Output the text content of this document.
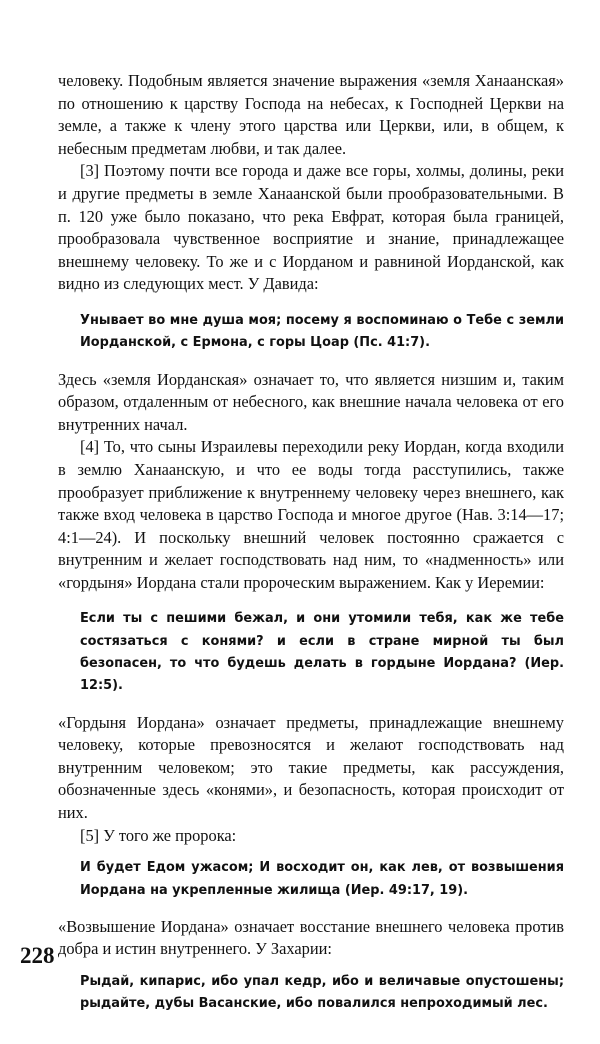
человеку. Подобным является значение выражения «земля Ханаанская» по отношению к царству Господа на небесах, к Господней Церкви на земле, а также к члену этого царства или Церкви, или, в общем, к небесным предметам любви, и так далее.

[3] Поэтому почти все города и даже все горы, холмы, долины, реки и другие предметы в земле Ханаанской были прообразовательными. В п. 120 уже было показано, что река Евфрат, которая была границей, прообразовала чувственное восприятие и знание, принадлежащее внешнему человеку. То же и с Иорданом и равниной Иорданской, как видно из следующих мест. У Давида:

Унывает во мне душа моя; посему я воспоминаю о Тебе с земли Иорданской, с Ермона, с горы Цоар (Пс. 41:7).

Здесь «земля Иорданская» означает то, что является низшим и, таким образом, отдаленным от небесного, как внешние начала человека от его внутренних начал.

[4] То, что сыны Израилевы переходили реку Иордан, когда входили в землю Ханаанскую, и что ее воды тогда расступились, также прообразует приближение к внутреннему человеку через внешнего, как также вход человека в царство Господа и многое другое (Нав. 3:14—17; 4:1—24). И поскольку внешний человек постоянно сражается с внутренним и желает господствовать над ним, то «надменность» или «гордыня» Иордана стали пророческим выражением. Как у Иеремии:

Если ты с пешими бежал, и они утомили тебя, как же тебе состязаться с конями? и если в стране мирной ты был безопасен, то что будешь делать в гордыне Иордана? (Иер. 12:5).

«Гордыня Иордана» означает предметы, принадлежащие внешнему человеку, которые превозносятся и желают господствовать над внутренним человеком; это такие предметы, как рассуждения, обозначенные здесь «конями», и безопасность, которая происходит от них.

[5] У того же пророка:

И будет Едом ужасом; И восходит он, как лев, от возвышения Иордана на укрепленные жилища (Иер. 49:17, 19).

«Возвышение Иордана» означает восстание внешнего человека против добра и истин внутреннего. У Захарии:

Рыдай, кипарис, ибо упал кедр, ибо и величавые опустошены; рыдайте, дубы Васанские, ибо повалился непроходимый лес.

228
